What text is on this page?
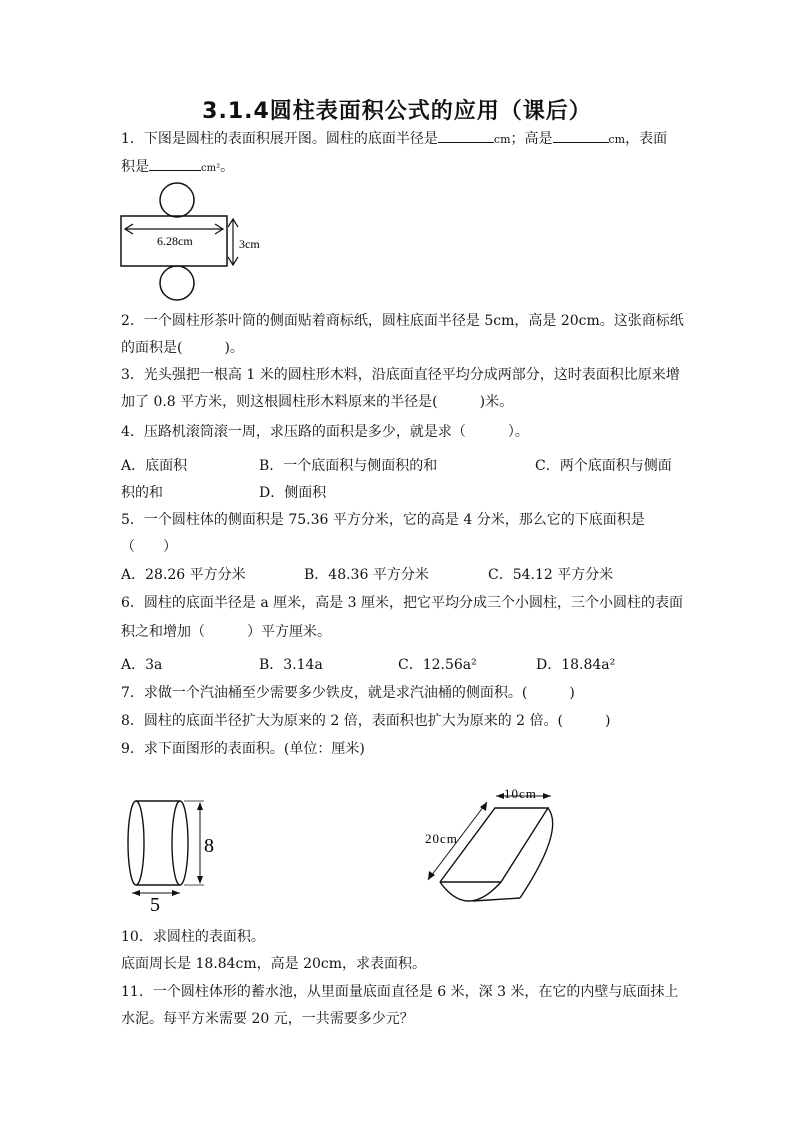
3.1.4圆柱表面积公式的应用（课后）
1．下图是圆柱的表面积展开图。圆柱的底面半径是	cm；高是	cm，表面
积是	cm²。
6.28cm	3cm
2．一个圆柱形茶叶筒的侧面贴着商标纸，圆柱底面半径是 5cm，高是 20cm。这张商标纸
的面积是(　　　)。
3．光头强把一根高 1 米的圆柱形木料，沿底面直径平均分成两部分，这时表面积比原来增
加了 0.8 平方米，则这根圆柱形木料原来的半径是(　　　)米。
4．压路机滚筒滚一周，求压路的面积是多少，就是求（　　　）。
A．底面积	B．一个底面积与侧面积的和	C．两个底面积与侧面
积的和	D．侧面积
5．一个圆柱体的侧面积是 75.36 平方分米，它的高是 4 分米，那么它的下底面积是
（　　）
A．28.26 平方分米	B．48.36 平方分米	C．54.12 平方分米
6．圆柱的底面半径是 a 厘米，高是 3 厘米，把它平均分成三个小圆柱，三个小圆柱的表面
积之和增加（　　　）平方厘米。
A．3a	B．3.14a	C．12.56a²	D．18.84a²
7．求做一个汽油桶至少需要多少铁皮，就是求汽油桶的侧面积。(　　　)
8．圆柱的底面半径扩大为原来的 2 倍，表面积也扩大为原来的 2 倍。(　　　)
9．求下面图形的表面积。(单位：厘米)
8
5
10cm
20cm
10．求圆柱的表面积。
底面周长是 18.84cm，高是 20cm，求表面积。
11．一个圆柱体形的蓄水池，从里面量底面直径是 6 米，深 3 米，在它的内壁与底面抹上
水泥。每平方米需要 20 元，一共需要多少元？
